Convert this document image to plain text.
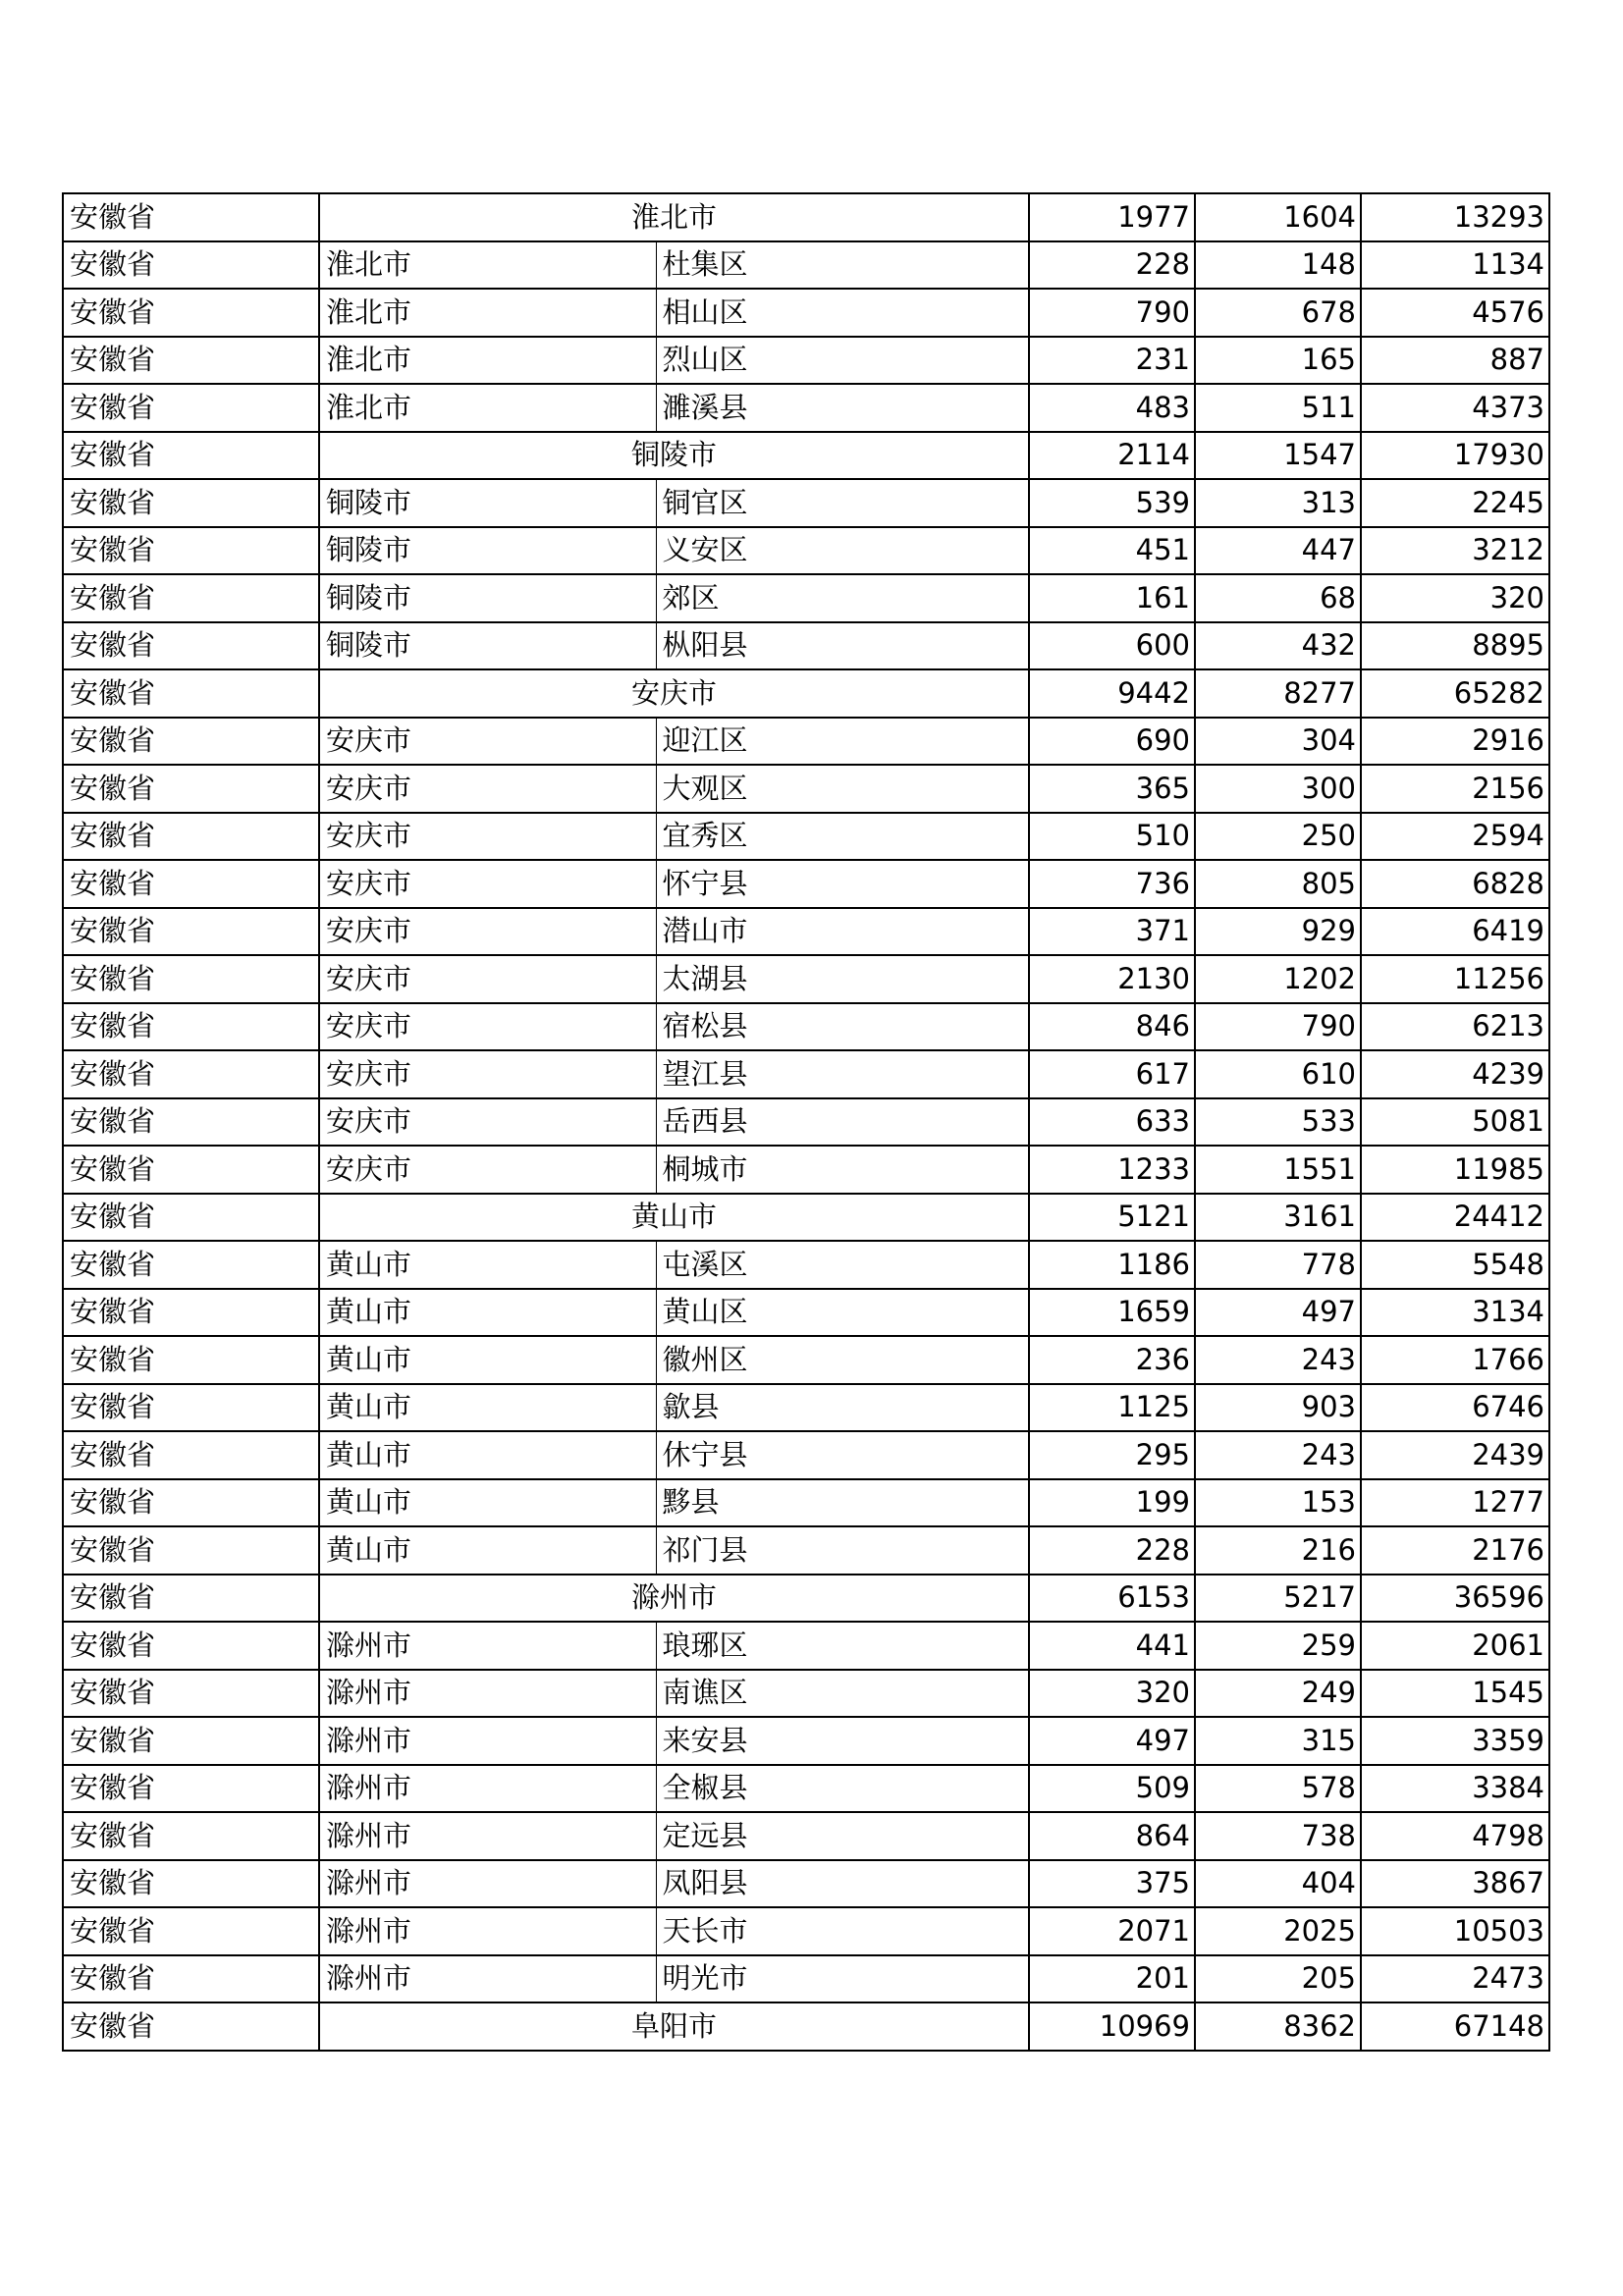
安徽省	淮北市		1977	1604	13293
安徽省	淮北市	杜集区	228	148	1134
安徽省	淮北市	相山区	790	678	4576
安徽省	淮北市	烈山区	231	165	887
安徽省	淮北市	濉溪县	483	511	4373
安徽省	铜陵市		2114	1547	17930
安徽省	铜陵市	铜官区	539	313	2245
安徽省	铜陵市	义安区	451	447	3212
安徽省	铜陵市	郊区	161	68	320
安徽省	铜陵市	枞阳县	600	432	8895
安徽省	安庆市		9442	8277	65282
安徽省	安庆市	迎江区	690	304	2916
安徽省	安庆市	大观区	365	300	2156
安徽省	安庆市	宜秀区	510	250	2594
安徽省	安庆市	怀宁县	736	805	6828
安徽省	安庆市	潜山市	371	929	6419
安徽省	安庆市	太湖县	2130	1202	11256
安徽省	安庆市	宿松县	846	790	6213
安徽省	安庆市	望江县	617	610	4239
安徽省	安庆市	岳西县	633	533	5081
安徽省	安庆市	桐城市	1233	1551	11985
安徽省	黄山市		5121	3161	24412
安徽省	黄山市	屯溪区	1186	778	5548
安徽省	黄山市	黄山区	1659	497	3134
安徽省	黄山市	徽州区	236	243	1766
安徽省	黄山市	歙县	1125	903	6746
安徽省	黄山市	休宁县	295	243	2439
安徽省	黄山市	黟县	199	153	1277
安徽省	黄山市	祁门县	228	216	2176
安徽省	滁州市		6153	5217	36596
安徽省	滁州市	琅琊区	441	259	2061
安徽省	滁州市	南谯区	320	249	1545
安徽省	滁州市	来安县	497	315	3359
安徽省	滁州市	全椒县	509	578	3384
安徽省	滁州市	定远县	864	738	4798
安徽省	滁州市	凤阳县	375	404	3867
安徽省	滁州市	天长市	2071	2025	10503
安徽省	滁州市	明光市	201	205	2473
安徽省	阜阳市		10969	8362	67148
